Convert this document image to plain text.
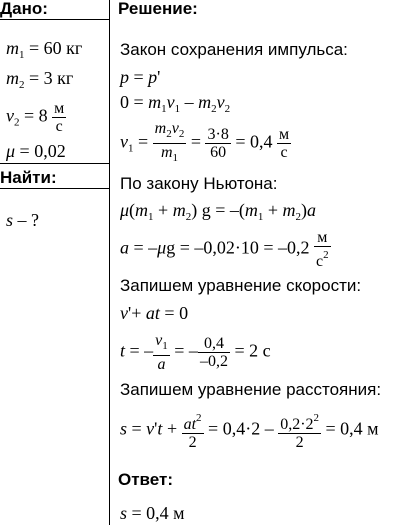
Дано:
$m_1 = 60$ кг
$m_2 = 3$ кг
$v_2 = 8 \frac{м}{с}$
μ = 0,02
Найти:
s – ?
Решение:
Закон сохранения импульса:
p = p'
$0 = m_1v_1 - m_2v_2$
$v_1 = \frac{m_2v_2}{m_1} = \frac{3\cdot 8}{60} = 0,4 \frac{м}{с}$
По закону Ньютона:
$\mu(m_1 + m_2) g = -(m_1 + m_2)a$
$a = -\mu g = -0,02\cdot 10 = -0,2 \frac{м}{с^2}$
Запишем уравнение скорости:
v'+ at = 0
t = – $\frac{v_1}{a}$ = – $\frac{0,4}{-0,2} = 2$ с
Запишем уравнение расстояния:
$s = v't + \frac{at^2}{2} = 0,4\cdot 2 - \frac{0,2\cdot 2^2}{2} = 0,4$ м
Ответ:
s = 0,4 м
